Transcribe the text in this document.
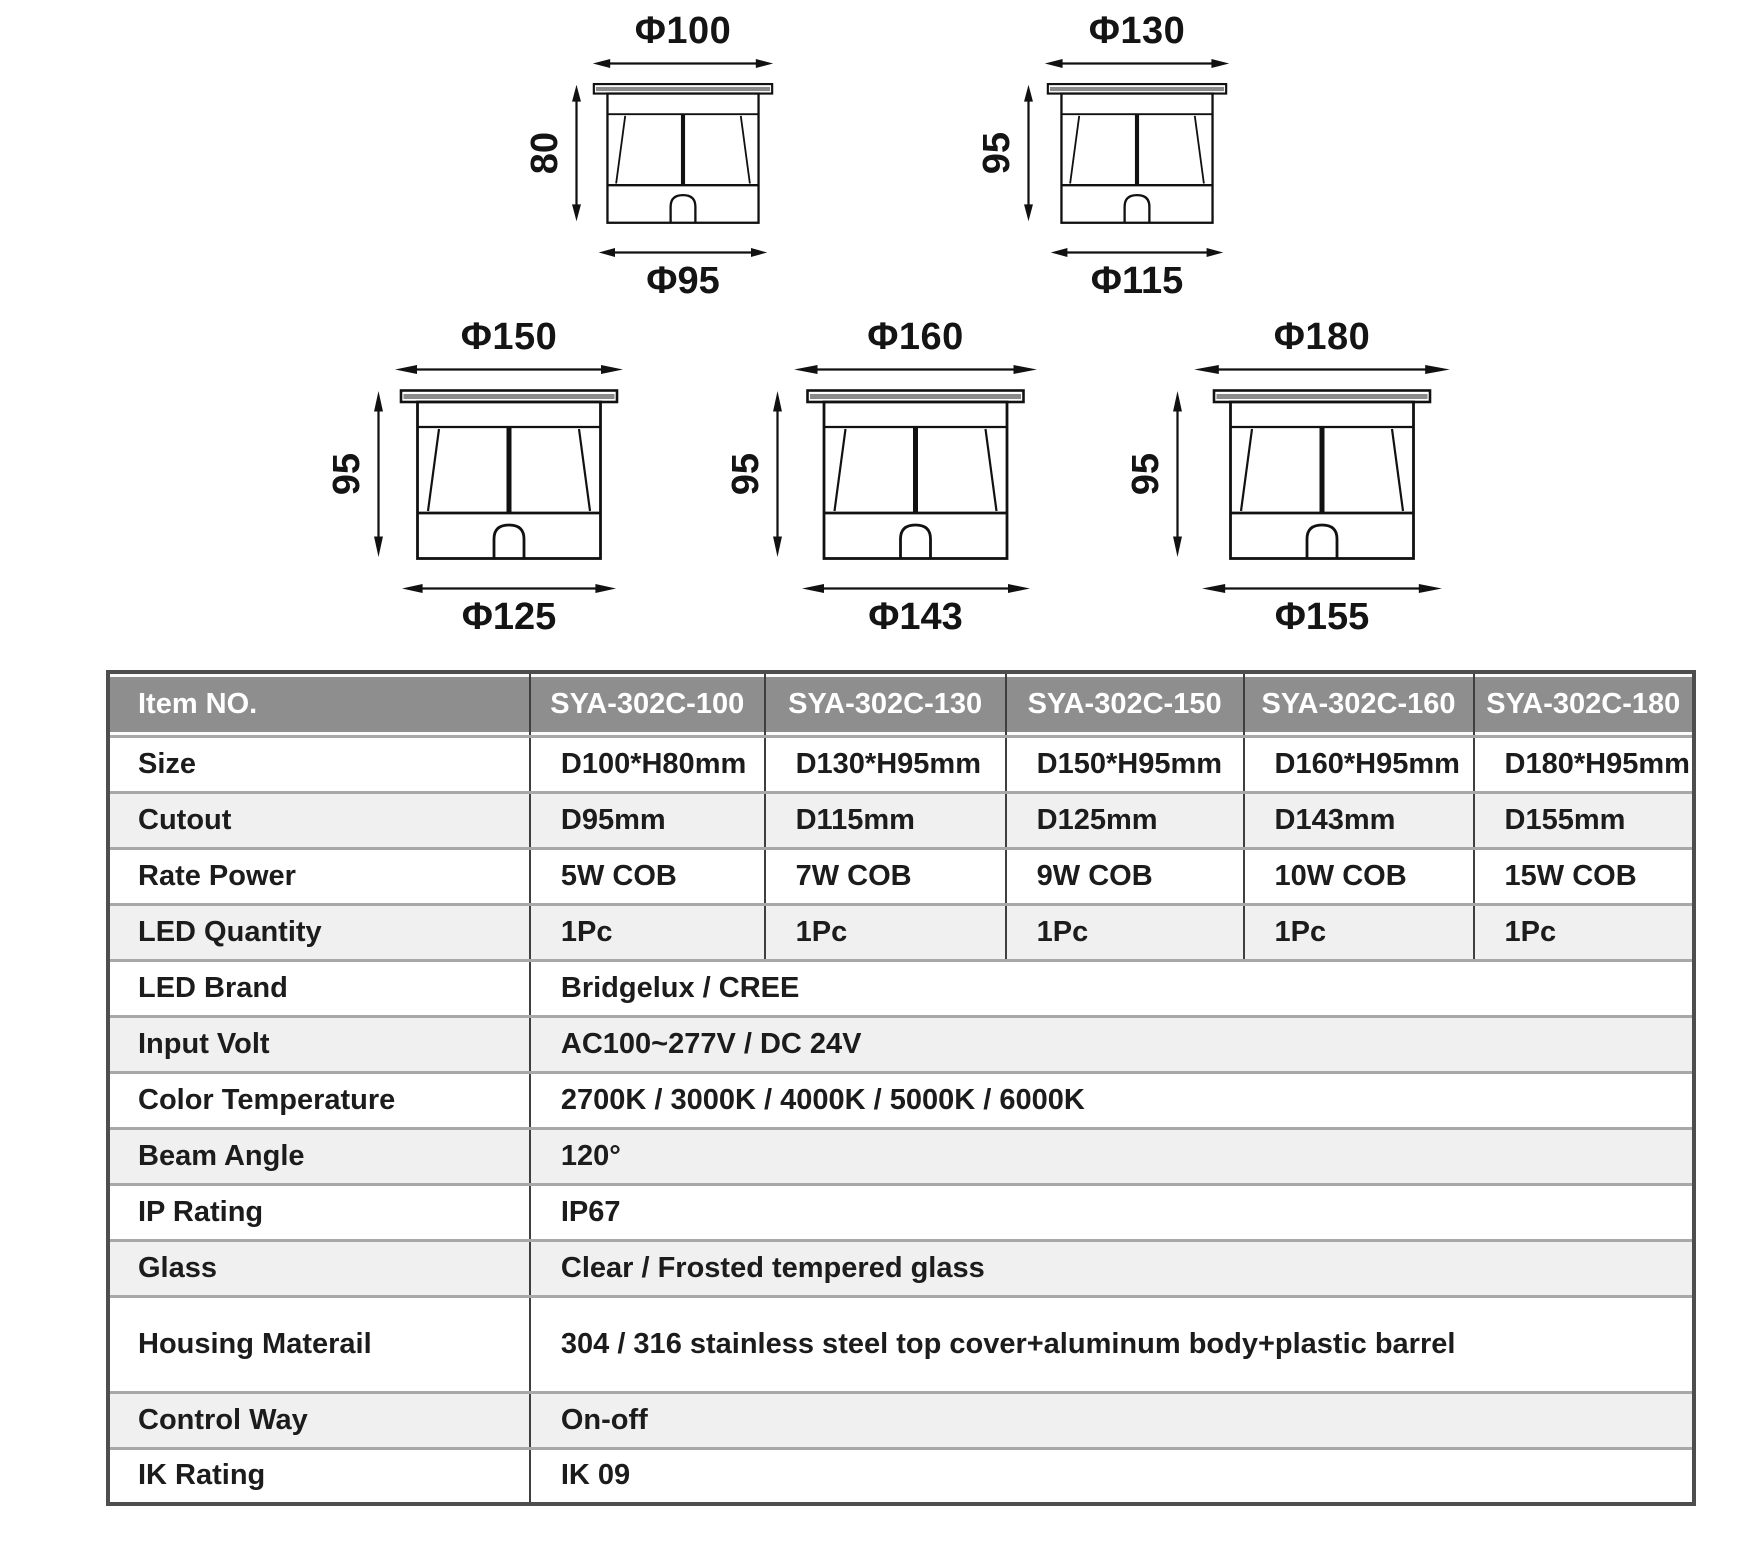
Φ100
80
Φ95
Φ130
95
Φ115
Φ150
95
Φ125
Φ160
95
Φ143
Φ180
95
Φ155
Item NO.	SYA-302C-100	SYA-302C-130	SYA-302C-150	SYA-302C-160	SYA-302C-180
Size	D100*H80mm	D130*H95mm	D150*H95mm	D160*H95mm	D180*H95mm
Cutout	D95mm	D115mm	D125mm	D143mm	D155mm
Rate Power	5W COB	7W COB	9W COB	10W COB	15W COB
LED Quantity	1Pc	1Pc	1Pc	1Pc	1Pc
LED Brand	Bridgelux / CREE				
Input Volt	AC100~277V / DC 24V				
Color Temperature	2700K / 3000K / 4000K / 5000K / 6000K				
Beam Angle	120°				
IP Rating	IP67				
Glass	Clear / Frosted tempered glass				
Housing Materail	304 / 316 stainless steel top cover+aluminum body+plastic barrel				
Control Way	On-off				
IK Rating	IK 09				
